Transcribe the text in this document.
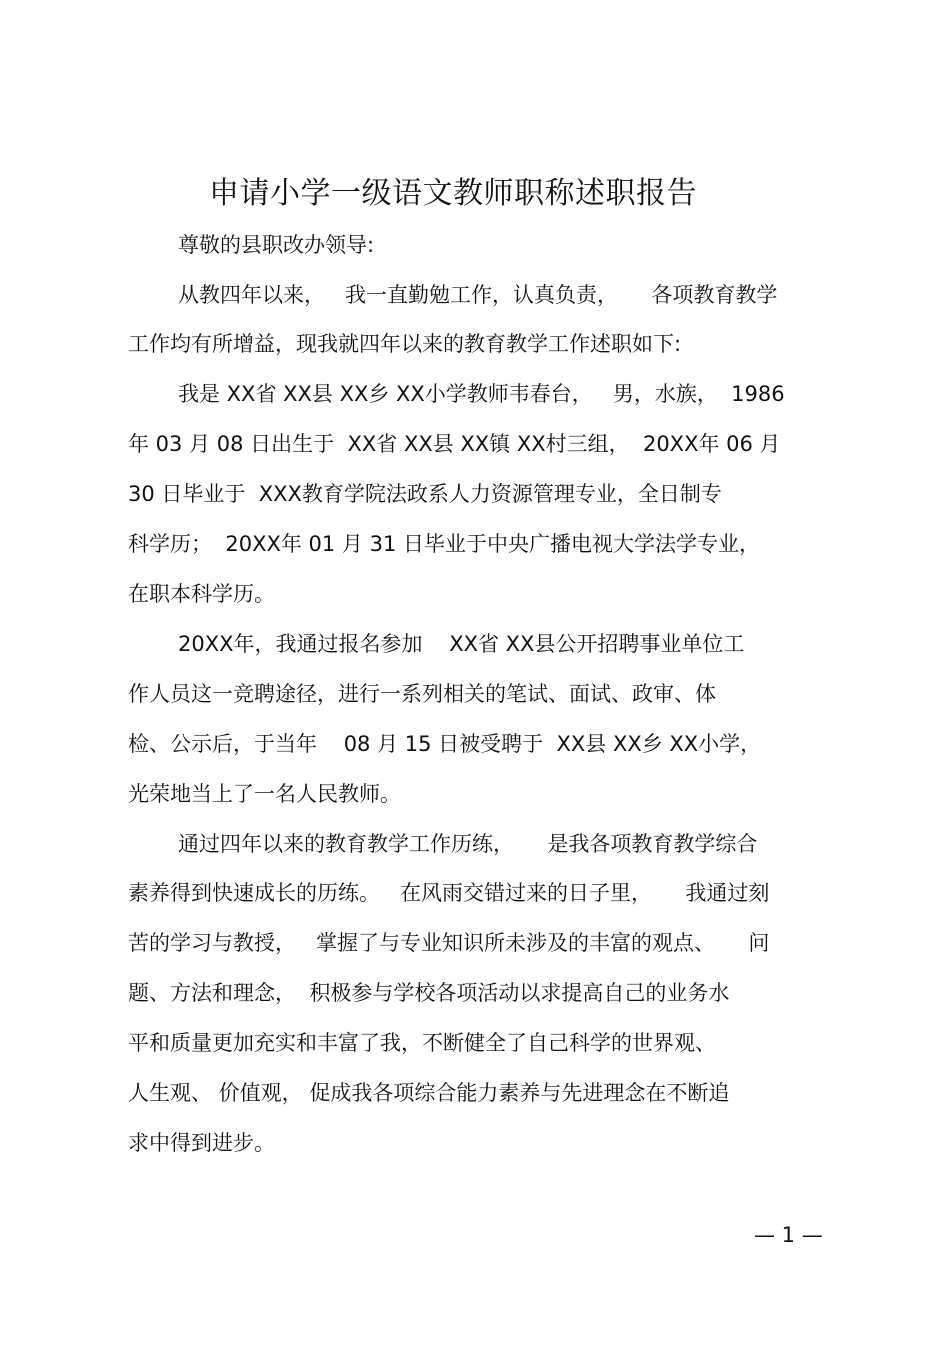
申请小学一级语文教师职称述职报告
尊敬的县职改办领导:
从教四年以来，   我一直勤勉工作，认真负责，     各项教育教学
工作均有所增益，现我就四年以来的教育教学工作述职如下:
我是 XX省 XX县 XX乡 XX小学教师韦春台，   男，水族，  1986
年 03 月 08 日出生于  XX省 XX县 XX镇 XX村三组，  20XX年 06 月
30 日毕业于  XXX教育学院法政系人力资源管理专业，全日制专
科学历；  20XX年 01 月 31 日毕业于中央广播电视大学法学专业，
在职本科学历。
20XX年，我通过报名参加    XX省 XX县公开招聘事业单位工
作人员这一竞聘途径，进行一系列相关的笔试、面试、政审、体
检、公示后，于当年    08 月 15 日被受聘于  XX县 XX乡 XX小学，
光荣地当上了一名人民教师。
通过四年以来的教育教学工作历练，     是我各项教育教学综合
素养得到快速成长的历练。   在风雨交错过来的日子里，     我通过刻
苦的学习与教授，   掌握了与专业知识所未涉及的丰富的观点、     问
题、方法和理念，  积极参与学校各项活动以求提高自己的业务水
平和质量更加充实和丰富了我，不断健全了自己科学的世界观、
人生观、 价值观， 促成我各项综合能力素养与先进理念在不断追
求中得到进步。
— 1 —
